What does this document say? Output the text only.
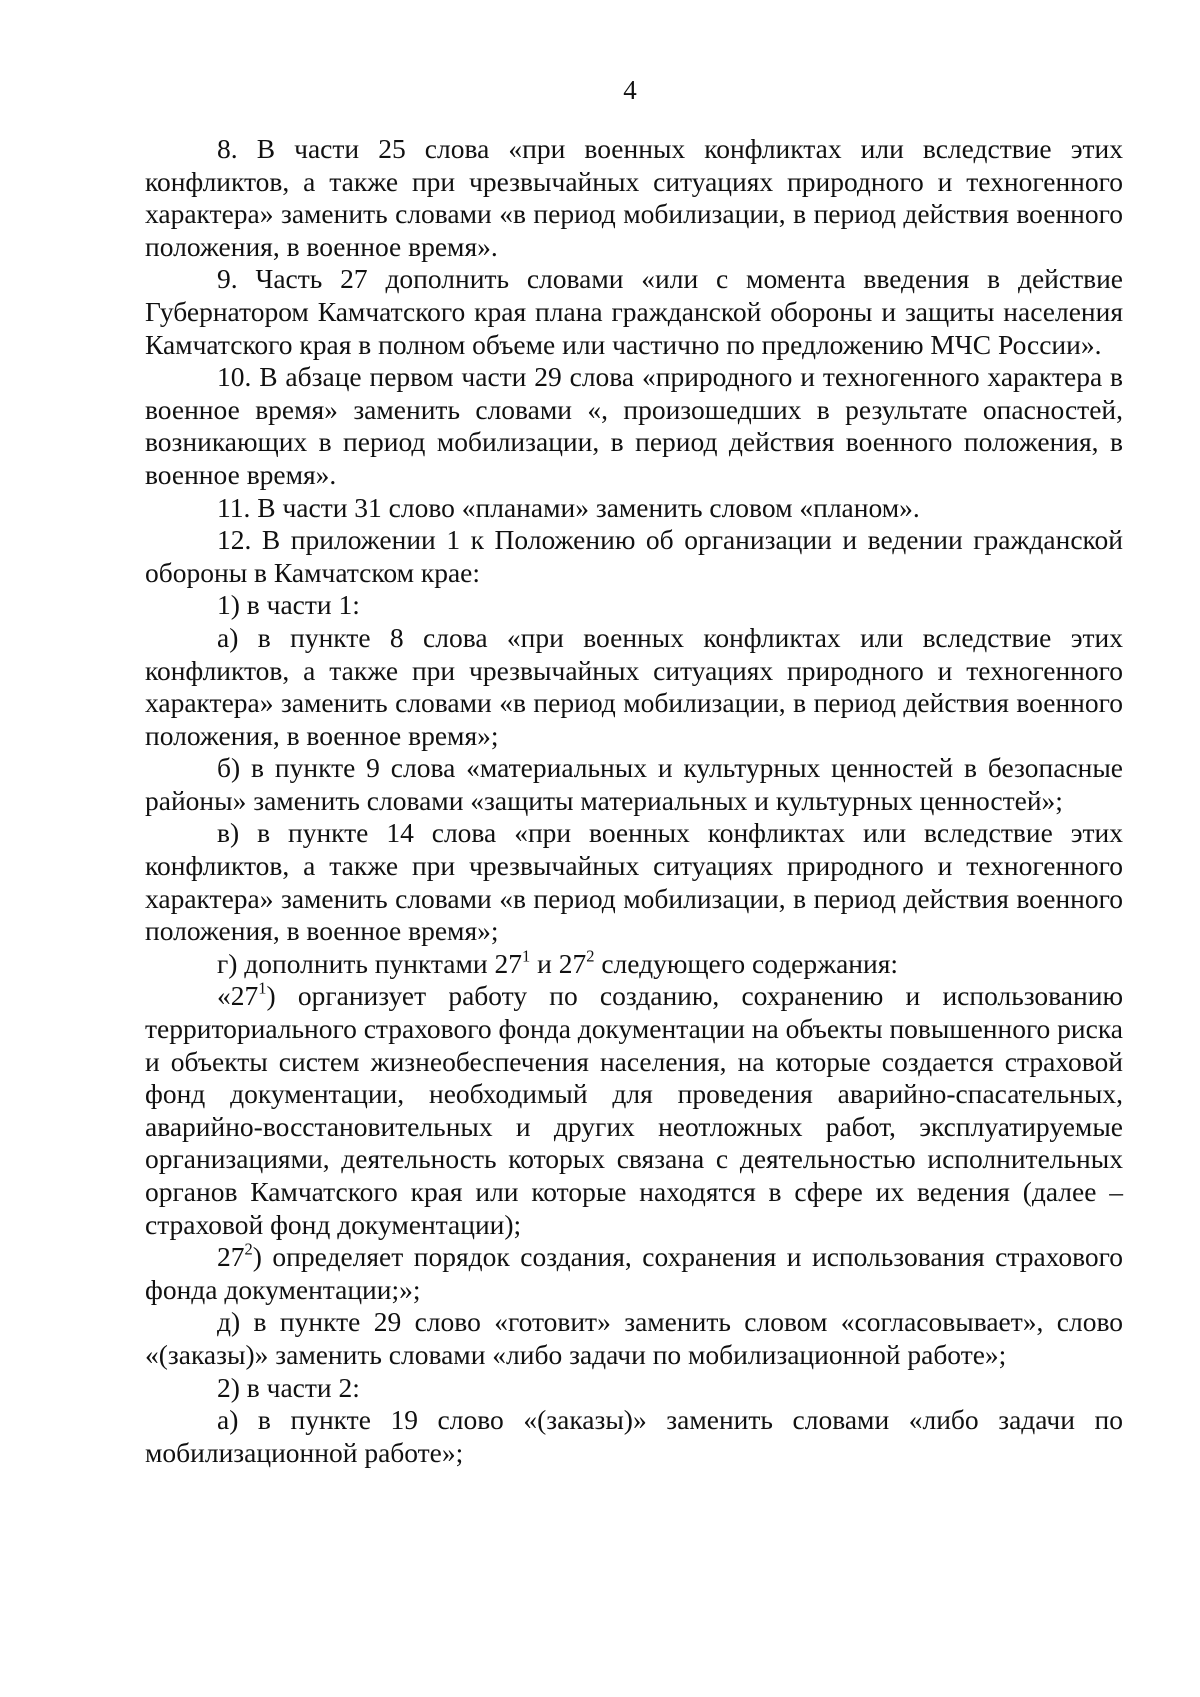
4

8. В части 25 слова «при военных конфликтах или вследствие этих конфликтов, а также при чрезвычайных ситуациях природного и техногенного характера» заменить словами «в период мобилизации, в период действия военного положения, в военное время».

9. Часть 27 дополнить словами «или с момента введения в действие Губернатором Камчатского края плана гражданской обороны и защиты населения Камчатского края в полном объеме или частично по предложению МЧС России».

10. В абзаце первом части 29 слова «природного и техногенного характера в военное время» заменить словами «, произошедших в результате опасностей, возникающих в период мобилизации, в период действия военного положения, в военное время».

11. В части 31 слово «планами» заменить словом «планом».

12. В приложении 1 к Положению об организации и ведении гражданской обороны в Камчатском крае:

1) в части 1:

а) в пункте 8 слова «при военных конфликтах или вследствие этих конфликтов, а также при чрезвычайных ситуациях природного и техногенного характера» заменить словами «в период мобилизации, в период действия военного положения, в военное время»;

б) в пункте 9 слова «материальных и культурных ценностей в безопасные районы» заменить словами «защиты материальных и культурных ценностей»;

в) в пункте 14 слова «при военных конфликтах или вследствие этих конфликтов, а также при чрезвычайных ситуациях природного и техногенного характера» заменить словами «в период мобилизации, в период действия военного положения, в военное время»;

г) дополнить пунктами $27^1$ и $27^2$ следующего содержания:

«$27^1$) организует работу по созданию, сохранению и использованию территориального страхового фонда документации на объекты повышенного риска и объекты систем жизнеобеспечения населения, на которые создается страховой фонд документации, необходимый для проведения аварийно-спасательных, аварийно-восстановительных и других неотложных работ, эксплуатируемые организациями, деятельность которых связана с деятельностью исполнительных органов Камчатского края или которые находятся в сфере их ведения (далее – страховой фонд документации);

$27^2$) определяет порядок создания, сохранения и использования страхового фонда документации;»;

д) в пункте 29 слово «готовит» заменить словом «согласовывает», слово «(заказы)» заменить словами «либо задачи по мобилизационной работе»;

2) в части 2:

а) в пункте 19 слово «(заказы)» заменить словами «либо задачи по мобилизационной работе»;
